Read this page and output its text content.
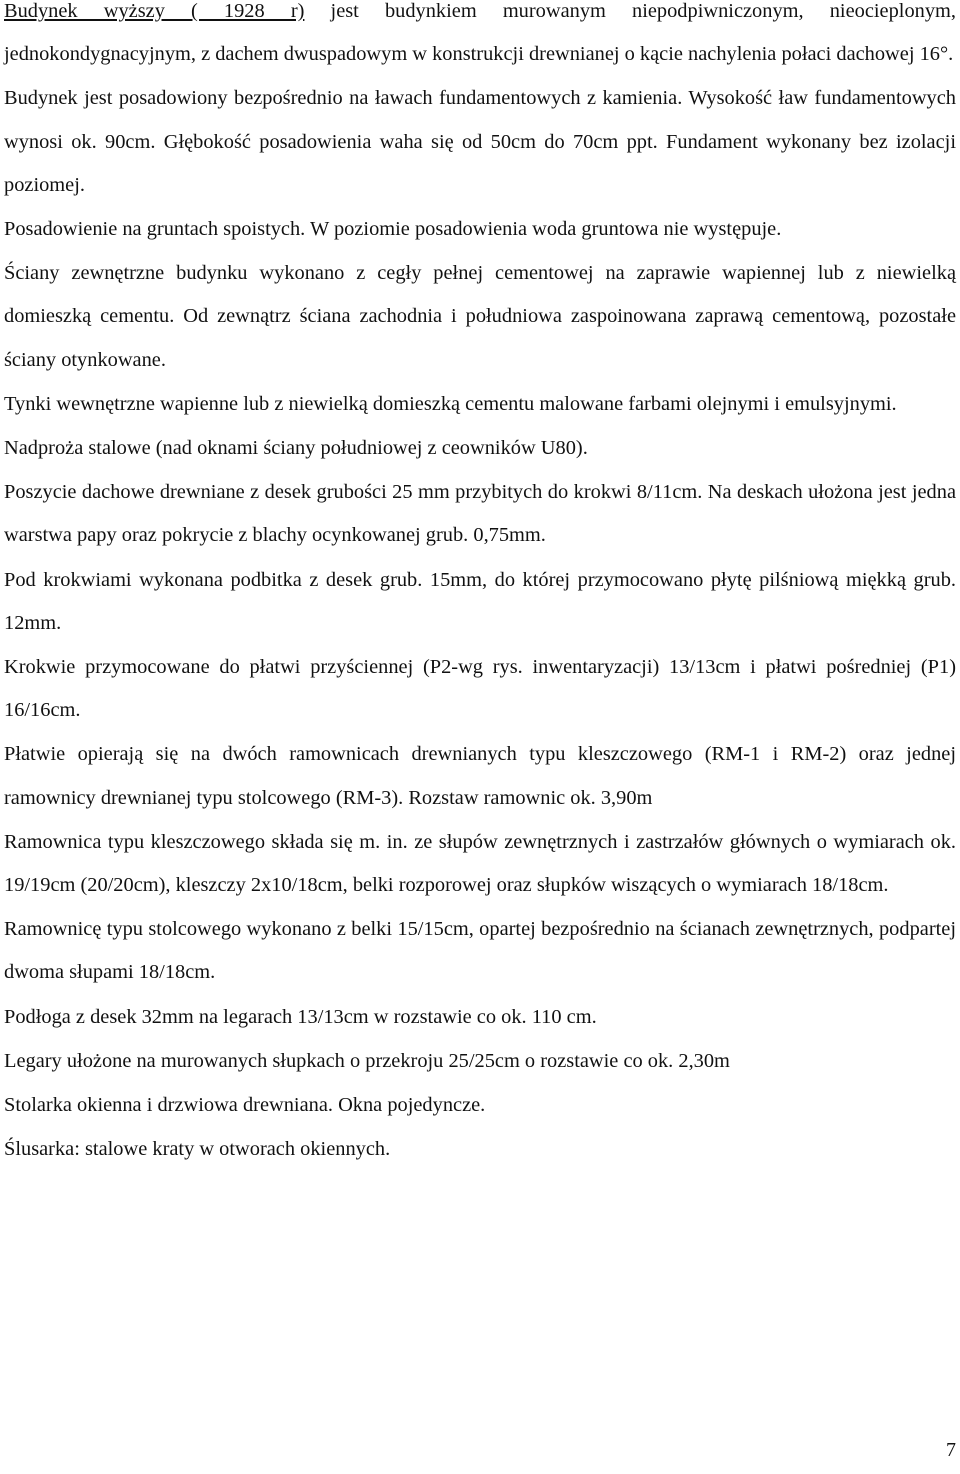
Budynek wyższy ( 1928 r) jest budynkiem murowanym niepodpiwniczonym, nieocieplonym, jednokondygnacyjnym, z dachem dwuspadowym w konstrukcji drewnianej o kącie nachylenia połaci dachowej 16°.

Budynek jest posadowiony bezpośrednio na ławach fundamentowych z kamienia. Wysokość ław fundamentowych wynosi ok. 90cm. Głębokość posadowienia waha się od 50cm do 70cm ppt. Fundament wykonany bez izolacji poziomej.

Posadowienie na gruntach spoistych. W poziomie posadowienia woda gruntowa nie występuje.

Ściany zewnętrzne budynku wykonano z cegły pełnej cementowej na zaprawie wapiennej lub z niewielką domieszką cementu. Od zewnątrz ściana zachodnia i południowa zaspoinowana zaprawą cementową, pozostałe ściany otynkowane.

Tynki wewnętrzne wapienne lub z niewielką domieszką cementu malowane farbami olejnymi i emulsyjnymi.

Nadproża stalowe (nad oknami ściany południowej z ceowników U80).

Poszycie dachowe drewniane z desek grubości 25 mm przybitych do krokwi 8/11cm. Na deskach ułożona jest jedna warstwa papy oraz pokrycie z blachy ocynkowanej grub. 0,75mm.

Pod krokwiami wykonana podbitka z desek grub. 15mm, do której przymocowano płytę pilśniową miękką grub. 12mm.

Krokwie przymocowane do płatwi przyściennej (P2-wg rys. inwentaryzacji) 13/13cm i płatwi pośredniej (P1) 16/16cm.

Płatwie opierają się na dwóch ramownicach drewnianych typu kleszczowego (RM-1 i RM-2) oraz jednej ramownicy drewnianej typu stolcowego (RM-3). Rozstaw ramownic ok. 3,90m

Ramownica typu kleszczowego składa się m. in. ze słupów zewnętrznych i zastrzałów głównych o wymiarach ok. 19/19cm (20/20cm), kleszczy 2x10/18cm, belki rozporowej oraz słupków wiszących o wymiarach 18/18cm.

Ramownicę typu stolcowego wykonano z belki 15/15cm, opartej bezpośrednio na ścianach zewnętrznych, podpartej dwoma słupami 18/18cm.

Podłoga z desek 32mm na legarach 13/13cm w rozstawie co ok. 110 cm.

Legary ułożone na murowanych słupkach o przekroju 25/25cm o rozstawie co ok. 2,30m

Stolarka okienna i drzwiowa drewniana. Okna pojedyncze.

Ślusarka: stalowe kraty w otworach okiennych.

7
